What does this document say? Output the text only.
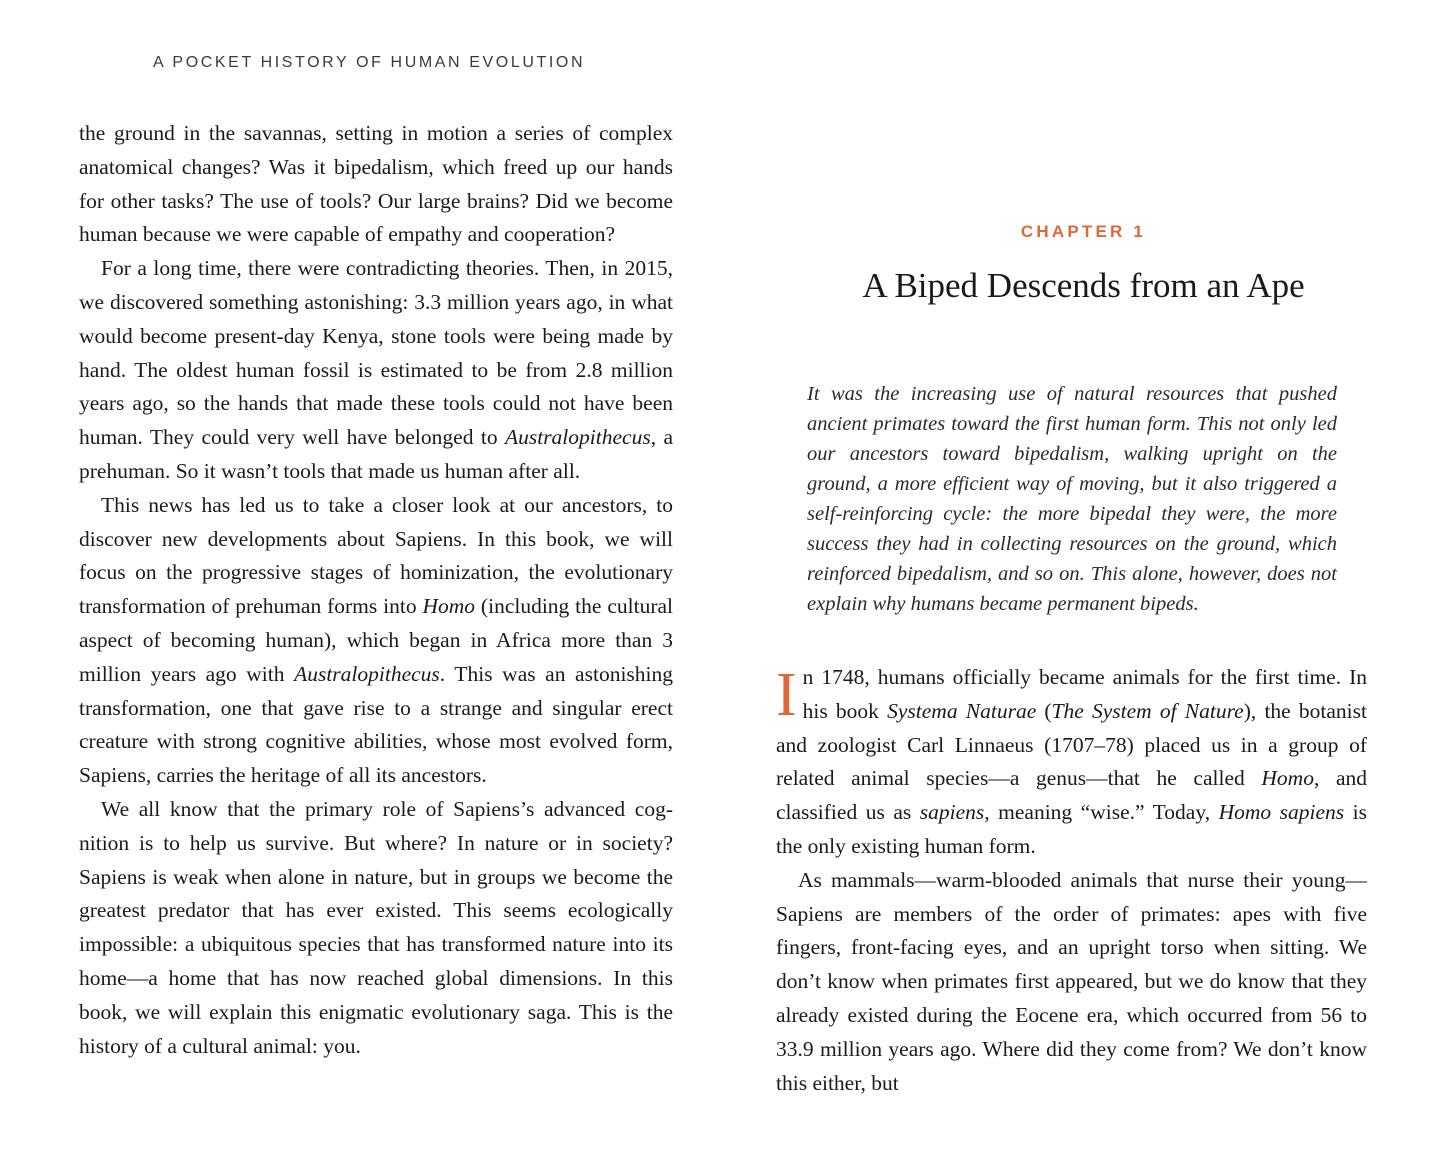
A POCKET HISTORY OF HUMAN EVOLUTION

the ground in the savannas, setting in motion a series of complex anatomical changes? Was it bipedalism, which freed up our hands for other tasks? The use of tools? Our large brains? Did we become human because we were capable of empathy and cooperation?

For a long time, there were contradicting theories. Then, in 2015, we discovered something astonishing: 3.3 million years ago, in what would become present-day Kenya, stone tools were being made by hand. The oldest human fossil is estimated to be from 2.8 million years ago, so the hands that made these tools could not have been human. They could very well have belonged to Australopithecus, a prehuman. So it wasn’t tools that made us human after all.

This news has led us to take a closer look at our ancestors, to discover new developments about Sapiens. In this book, we will focus on the progressive stages of hominization, the evolutionary transformation of prehuman forms into Homo (including the cultural aspect of becoming human), which began in Africa more than 3 million years ago with Australopithecus. This was an astonishing transformation, one that gave rise to a strange and singular erect creature with strong cognitive abilities, whose most evolved form, Sapiens, carries the heritage of all its ancestors.

We all know that the primary role of Sapiens’s advanced cognition is to help us survive. But where? In nature or in society? Sapiens is weak when alone in nature, but in groups we become the greatest predator that has ever existed. This seems ecologically impossible: a ubiquitous species that has transformed nature into its home—a home that has now reached global dimensions. In this book, we will explain this enigmatic evolutionary saga. This is the history of a cultural animal: you.

CHAPTER 1
A Biped Descends from an Ape
It was the increasing use of natural resources that pushed ancient primates toward the first human form. This not only led our ancestors toward bipedalism, walking upright on the ground, a more efficient way of moving, but it also triggered a self-reinforcing cycle: the more bipedal they were, the more success they had in collecting resources on the ground, which reinforced bipedalism, and so on. This alone, however, does not explain why humans became permanent bipeds.

In 1748, humans officially became animals for the first time. In his book Systema Naturae (The System of Nature), the botanist and zoologist Carl Linnaeus (1707–78) placed us in a group of related animal species—a genus—that he called Homo, and classified us as sapiens, meaning “wise.” Today, Homo sapiens is the only existing human form.

As mammals—warm-blooded animals that nurse their young—Sapiens are members of the order of primates: apes with five fingers, front-facing eyes, and an upright torso when sitting. We don’t know when primates first appeared, but we do know that they already existed during the Eocene era, which occurred from 56 to 33.9 million years ago. Where did they come from? We don’t know this either, but
